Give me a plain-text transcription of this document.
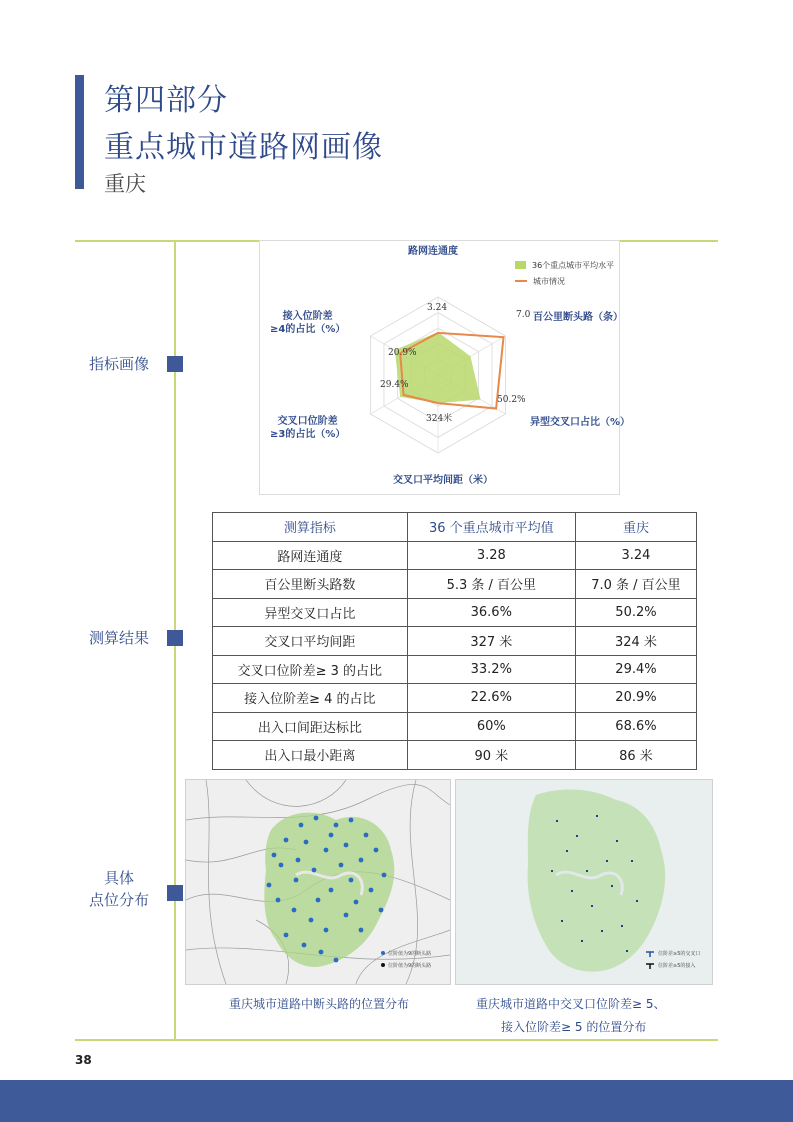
第四部分
重点城市道路网画像
重庆
指标画像
测算结果
具体
点位分布
路网连通度
百公里断头路（条）
异型交叉口占比（%）
交叉口平均间距（米）
交叉口位阶差
≥3的占比（%）
接入位阶差
≥4的占比（%）
3.24
7.0
50.2%
324米
29.4%
20.9%
36个重点城市平均水平
城市情况
测算指标	36 个重点城市平均值	重庆
路网连通度	3.28	3.24
百公里断头路数	5.3 条 / 百公里	7.0 条 / 百公里
异型交叉口占比	36.6%	50.2%
交叉口平均间距	327 米	324 米
交叉口位阶差≥ 3 的占比	33.2%	29.4%
接入位阶差≥ 4 的占比	22.6%	20.9%
出入口间距达标比	60%	68.6%
出入口最小距离	90 米	86 米
位阶值为9的断头路
位阶值为9的断头路
位阶差≥5的交叉口
位阶差≥5的接入
重庆城市道路中断头路的位置分布	重庆城市道路中交叉口位阶差≥ 5、
接入位阶差≥ 5 的位置分布
38
